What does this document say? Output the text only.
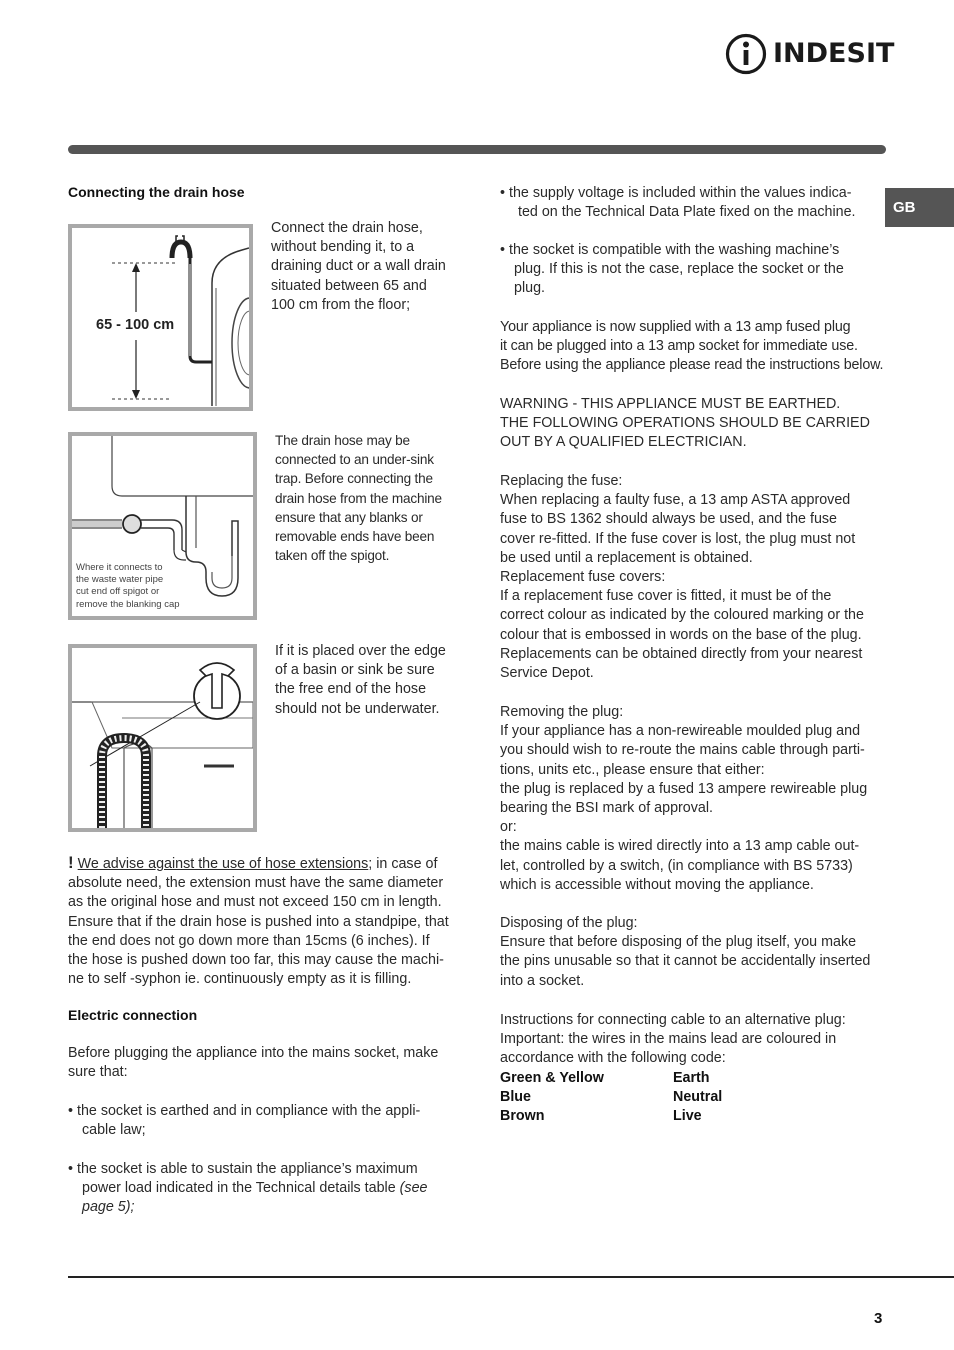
INDESIT
GB
Connecting the drain hose
65 - 100 cm
Connect the drain hose,
without bending it, to a
draining duct or a wall drain
situated between 65 and
100 cm from the floor;
Where it connects to
the waste water pipe
cut end off spigot or
remove the blanking cap
The drain hose may be
connected to an under-sink
trap. Before connecting the
drain hose from the machine
ensure that any blanks or
removable ends have been
taken off the spigot.
If it is placed over the edge
of a basin or sink be sure
the free end of the hose
should not be underwater.
! We advise against the use of hose extensions; in case of
absolute need, the extension must have the same diameter
as the original hose and must not exceed 150 cm in length.
Ensure that if the drain hose is pushed into a standpipe, that
the end does not go down more than 15cms (6 inches). If
the hose is pushed down too far, this may cause the machi-
ne to self -syphon ie. continuously empty as it is filling.
Electric connection
Before plugging the appliance into the mains socket, make
sure that:
• the socket is earthed and in compliance with the appli-
cable law;
• the socket is able to sustain the appliance’s maximum
power load indicated in the Technical details table (see
page 5);
• the supply voltage is included within the values indica-
ted on the Technical Data Plate fixed on the machine.
• the socket is compatible with the washing machine’s
plug. If this is not the case, replace the socket or the
plug.
Your appliance is now supplied with a 13 amp fused plug
it can be plugged into a 13 amp socket for immediate use.
Before using the appliance please read the instructions below.
WARNING - THIS APPLIANCE MUST BE EARTHED.
THE FOLLOWING OPERATIONS SHOULD BE CARRIED
OUT BY A QUALIFIED ELECTRICIAN.
Replacing the fuse:
When replacing a faulty fuse, a 13 amp ASTA approved
fuse to BS 1362 should always be used, and the fuse
cover re-fitted. If the fuse cover is lost, the plug must not
be used until a replacement is obtained.
Replacement fuse covers:
If a replacement fuse cover is fitted, it must be of the
correct colour as indicated by the coloured marking or the
colour that is embossed in words on the base of the plug.
Replacements can be obtained directly from your nearest
Service Depot.
Removing the plug:
If your appliance has a non-rewireable moulded plug and
you should wish to re-route the mains cable through parti-
tions, units etc., please ensure that either:
the plug is replaced by a fused 13 ampere rewireable plug
bearing the BSI mark of approval.
or:
the mains cable is wired directly into a 13 amp cable out-
let, controlled by a switch, (in compliance with BS 5733)
which is accessible without moving the appliance.
Disposing of the plug:
Ensure that before disposing of the plug itself, you make
the pins unusable so that it cannot be accidentally inserted
into a socket.
Instructions for connecting cable to an alternative plug:
Important: the wires in the mains lead are coloured in
accordance with the following code:
Green & Yellow	Earth
Blue	Neutral
Brown	Live
3
